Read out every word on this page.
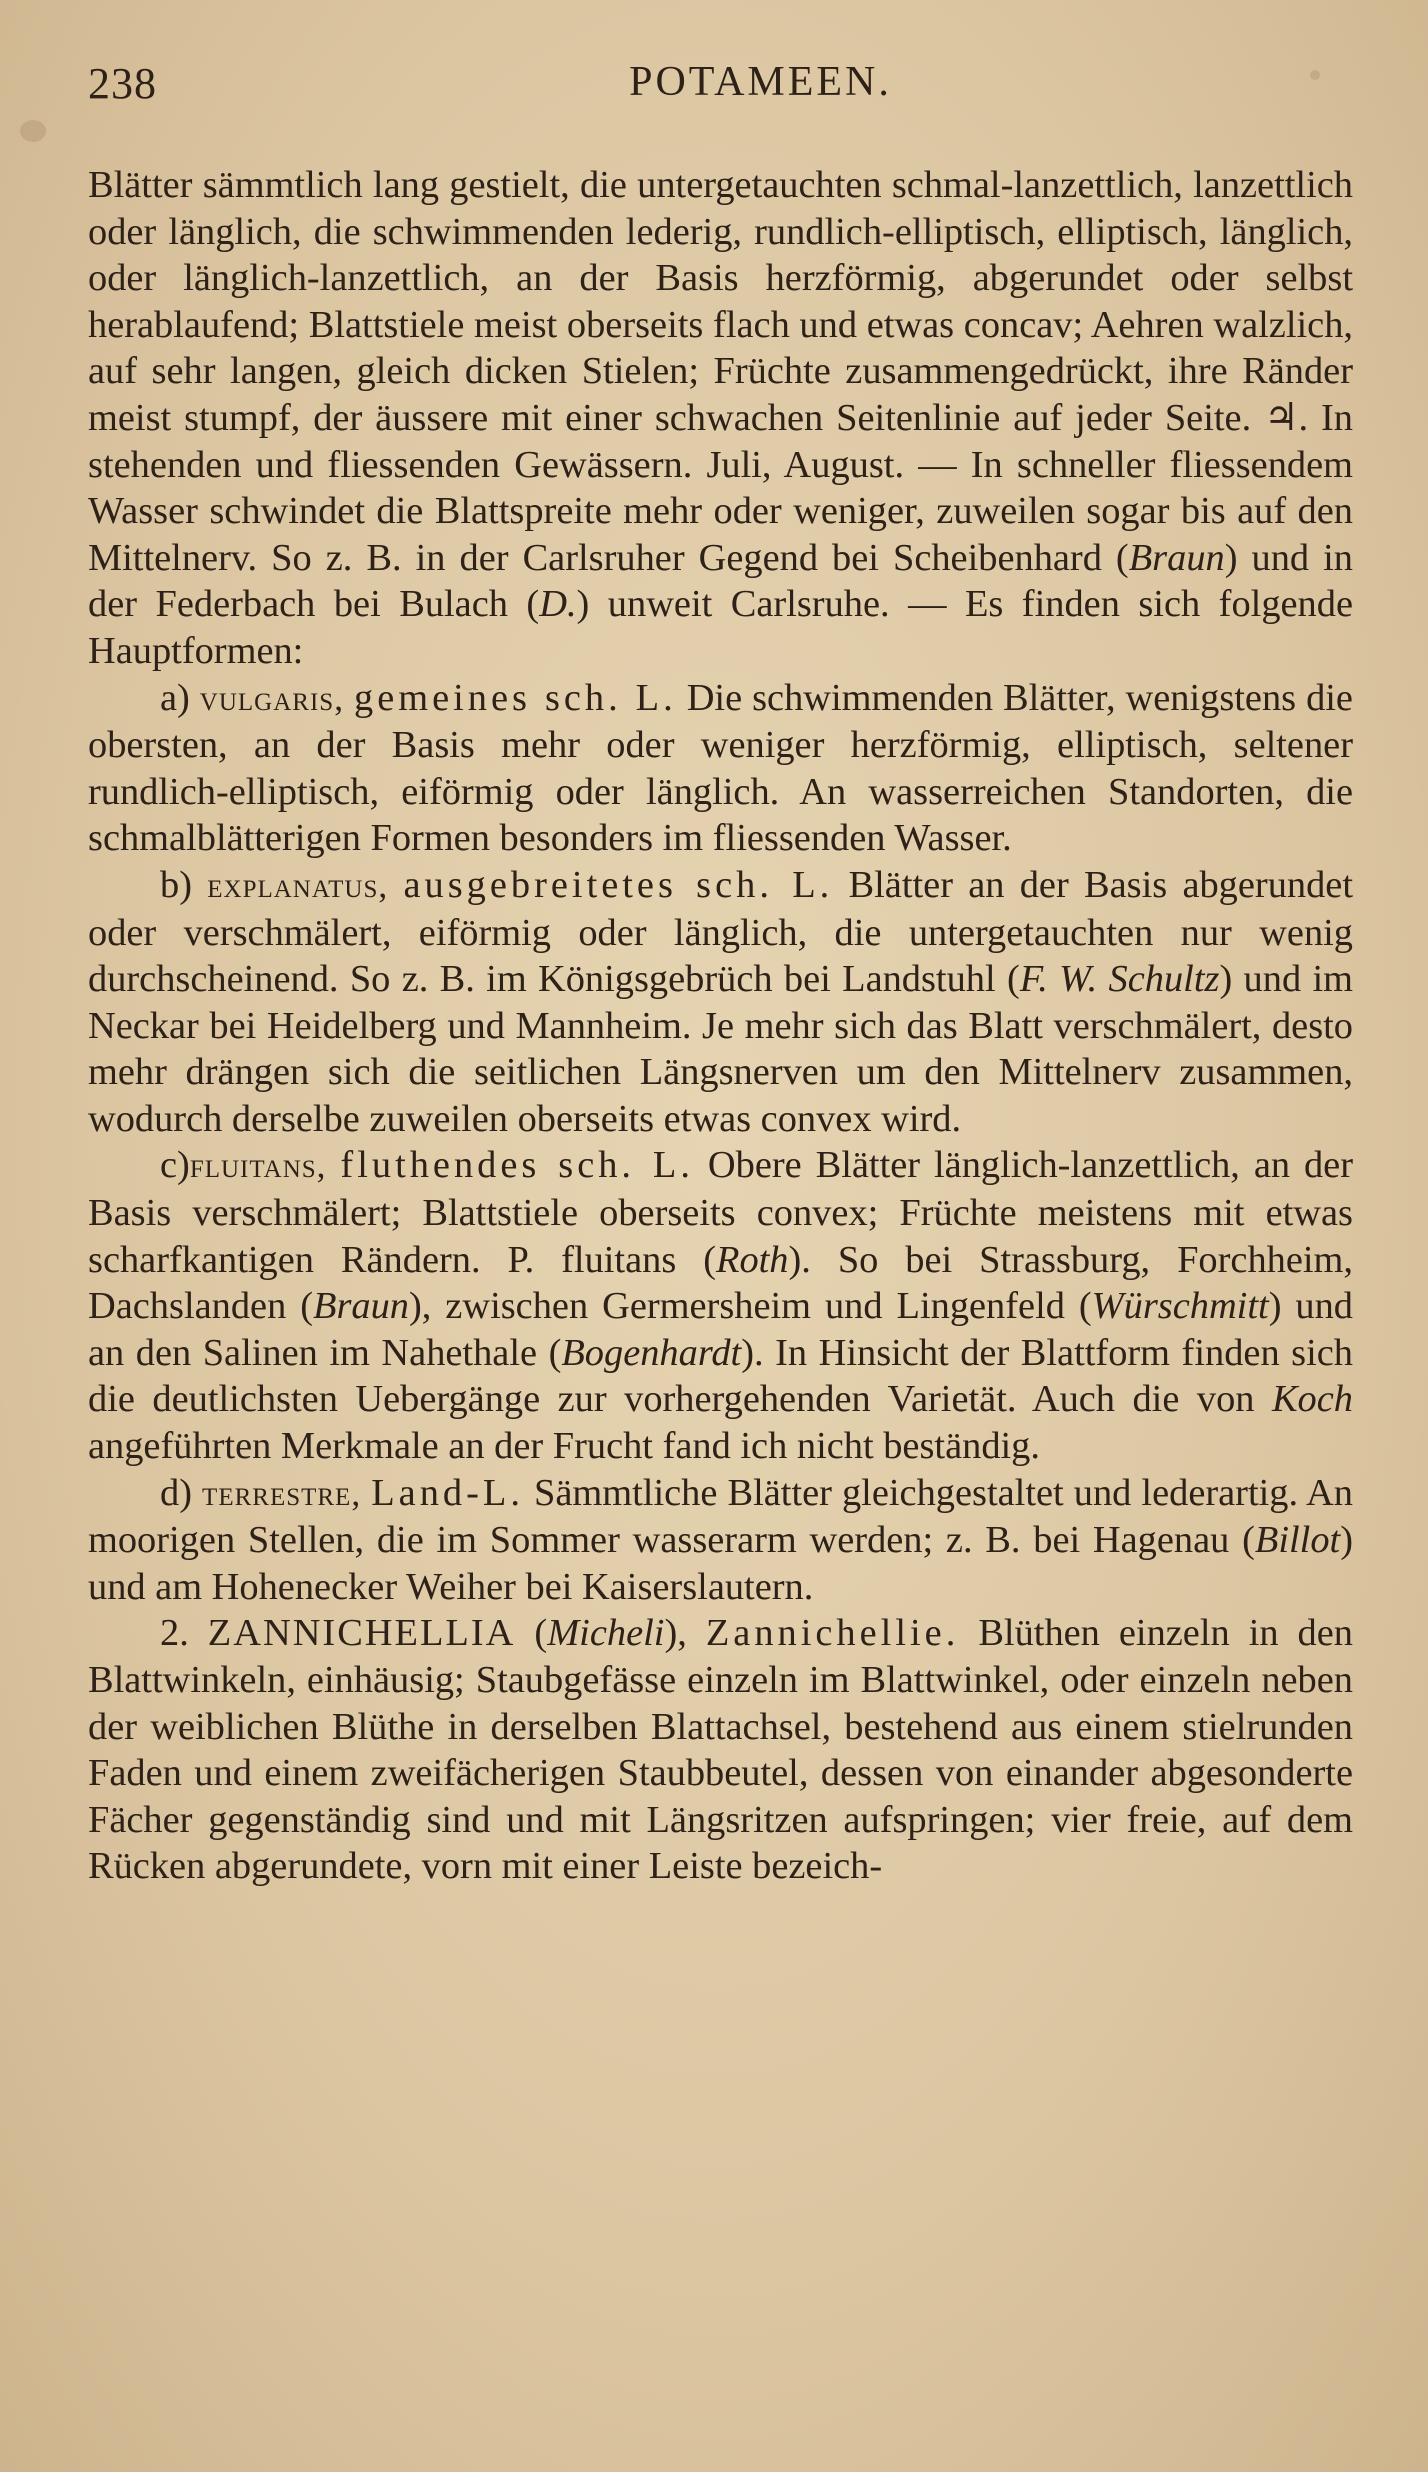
238	POTAMEEN.

Blätter sämmtlich lang gestielt, die untergetauchten schmal-lanzettlich, lanzettlich oder länglich, die schwimmenden lederig, rundlich-elliptisch, elliptisch, länglich, oder länglich-lanzettlich, an der Basis herzförmig, abgerundet oder selbst herablaufend; Blattstiele meist oberseits flach und etwas concav; Aehren walzlich, auf sehr langen, gleich dicken Stielen; Früchte zusammengedrückt, ihre Ränder meist stumpf, der äussere mit einer schwachen Seitenlinie auf jeder Seite. ♃. In stehenden und fliessenden Gewässern. Juli, August. — In schneller fliessendem Wasser schwindet die Blattspreite mehr oder weniger, zuweilen sogar bis auf den Mittelnerv. So z. B. in der Carlsruher Gegend bei Scheibenhard (Braun) und in der Federbach bei Bulach (D.) unweit Carlsruhe. — Es finden sich folgende Hauptformen:

a) vulgaris, gemeines sch. L. Die schwimmenden Blätter, wenigstens die obersten, an der Basis mehr oder weniger herzförmig, elliptisch, seltener rundlich-elliptisch, eiförmig oder länglich. An wasserreichen Standorten, die schmalblätterigen Formen besonders im fliessenden Wasser.

b) explanatus, ausgebreitetes sch. L. Blätter an der Basis abgerundet oder verschmälert, eiförmig oder länglich, die untergetauchten nur wenig durchscheinend. So z. B. im Königsgebrüch bei Landstuhl (F. W. Schultz) und im Neckar bei Heidelberg und Mannheim. Je mehr sich das Blatt verschmälert, desto mehr drängen sich die seitlichen Längsnerven um den Mittelnerv zusammen, wodurch derselbe zuweilen oberseits etwas convex wird.

c)fluitans, fluthendes sch. L. Obere Blätter länglich-lanzettlich, an der Basis verschmälert; Blattstiele oberseits convex; Früchte meistens mit etwas scharfkantigen Rändern. P. fluitans (Roth). So bei Strassburg, Forchheim, Dachslanden (Braun), zwischen Germersheim und Lingenfeld (Würschmitt) und an den Salinen im Nahethale (Bogenhardt). In Hinsicht der Blattform finden sich die deutlichsten Uebergänge zur vorhergehenden Varietät. Auch die von Koch angeführten Merkmale an der Frucht fand ich nicht beständig.

d) terrestre, Land-L. Sämmtliche Blätter gleichgestaltet und lederartig. An moorigen Stellen, die im Sommer wasserarm werden; z. B. bei Hagenau (Billot) und am Hohenecker Weiher bei Kaiserslautern.

2. ZANNICHELLIA (Micheli), Zannichellie. Blüthen einzeln in den Blattwinkeln, einhäusig; Staubgefässe einzeln im Blattwinkel, oder einzeln neben der weiblichen Blüthe in derselben Blattachsel, bestehend aus einem stielrunden Faden und einem zweifächerigen Staubbeutel, dessen von einander abgesonderte Fächer gegenständig sind und mit Längsritzen aufspringen; vier freie, auf dem Rücken abgerundete, vorn mit einer Leiste bezeich-
